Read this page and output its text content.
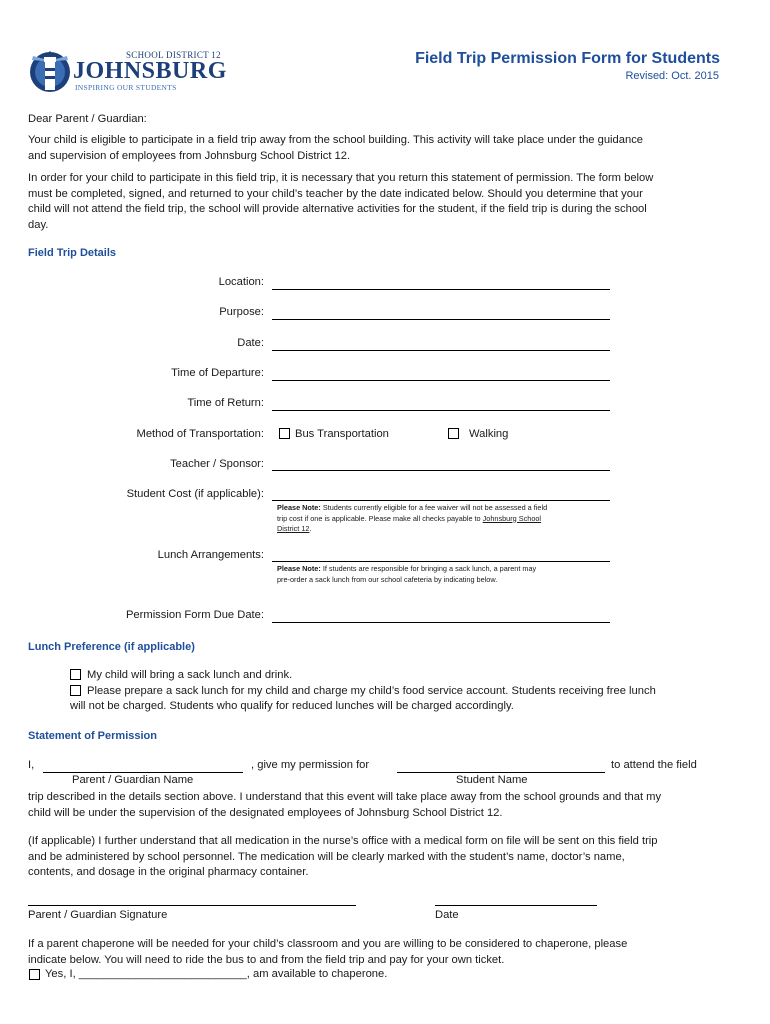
SCHOOL DISTRICT 12
JOHNSBURG
INSPIRING OUR STUDENTS
Field Trip Permission Form for Students
Revised: Oct. 2015
Dear Parent / Guardian:
Your child is eligible to participate in a field trip away from the school building. This activity will take place under the guidance
and supervision of employees from Johnsburg School District 12.
In order for your child to participate in this field trip, it is necessary that you return this statement of permission. The form below
must be completed, signed, and returned to your child’s teacher by the date indicated below. Should you determine that your
child will not attend the field trip, the school will provide alternative activities for the student, if the field trip is during the school
day.
Field Trip Details
Location:
Purpose:
Date:
Time of Departure:
Time of Return:
Method of Transportation:	Bus Transportation	Walking
Teacher / Sponsor:
Student Cost (if applicable):
Please Note: Students currently eligible for a fee waiver will not be assessed a field
trip cost if one is applicable. Please make all checks payable to Johnsburg School
District 12.
Lunch Arrangements:
Please Note: If students are responsible for bringing a sack lunch, a parent may
pre-order a sack lunch from our school cafeteria by indicating below.
Permission Form Due Date:
Lunch Preference (if applicable)
My child will bring a sack lunch and drink.
Please prepare a sack lunch for my child and charge my child’s food service account. Students receiving free lunch
will not be charged. Students who qualify for reduced lunches will be charged accordingly.
Statement of Permission
I,	, give my permission for	to attend the field
Parent / Guardian Name	Student Name
trip described in the details section above. I understand that this event will take place away from the school grounds and that my
child will be under the supervision of the designated employees of Johnsburg School District 12.
(If applicable) I further understand that all medication in the nurse’s office with a medical form on file will be sent on this field trip
and be administered by school personnel. The medication will be clearly marked with the student’s name, doctor’s name,
contents, and dosage in the original pharmacy container.
Parent / Guardian Signature	Date
If a parent chaperone will be needed for your child’s classroom and you are willing to be considered to chaperone, please
indicate below. You will need to ride the bus to and from the field trip and pay for your own ticket.
Yes, I, ___________________________, am available to chaperone.
